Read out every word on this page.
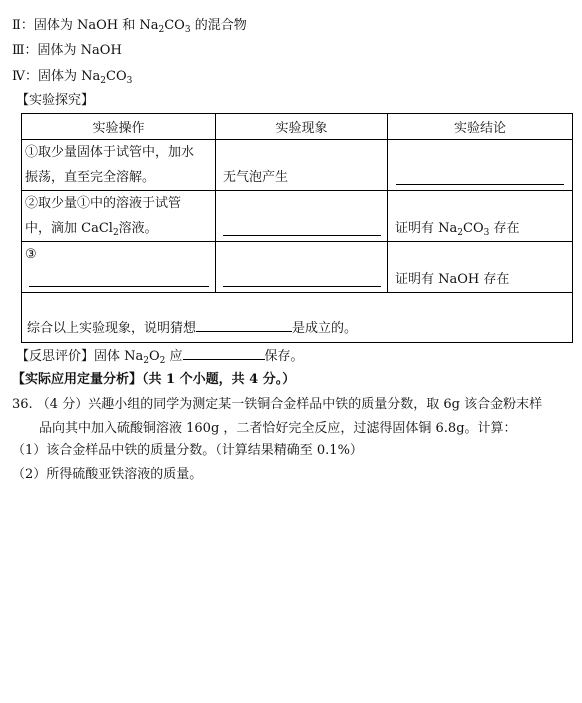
Ⅱ：固体为 NaOH 和 $Na_2CO_3$ 的混合物
Ⅲ：固体为 NaOH
Ⅳ：固体为 $Na_2CO_3$
【实验探究】
实验操作	实验现象	实验结论

①取少量固体于试管中，加水
振荡，直至完全溶解。	无气泡产生	

②取少量①中的溶液于试管
中，滴加 CaCl$_2$溶液。		证明有 $Na_2CO_3$ 存在

③		证明有 NaOH 存在

综合以上实验现象，说明猜想 是成立的。		
【反思评价】固体 $Na_2O_2$ 应	保存。
【实际应用定量分析】（共 1 个小题，共 4 分。）
36. （4 分）兴趣小组的同学为测定某一铁铜合金样品中铁的质量分数，取 6g 该合金粉末样
品向其中加入硫酸铜溶液 160g ，二者恰好完全反应，过滤得固体铜 6.8g。计算：
（1）该合金样品中铁的质量分数。（计算结果精确至 0.1%）
（2）所得硫酸亚铁溶液的质量。
